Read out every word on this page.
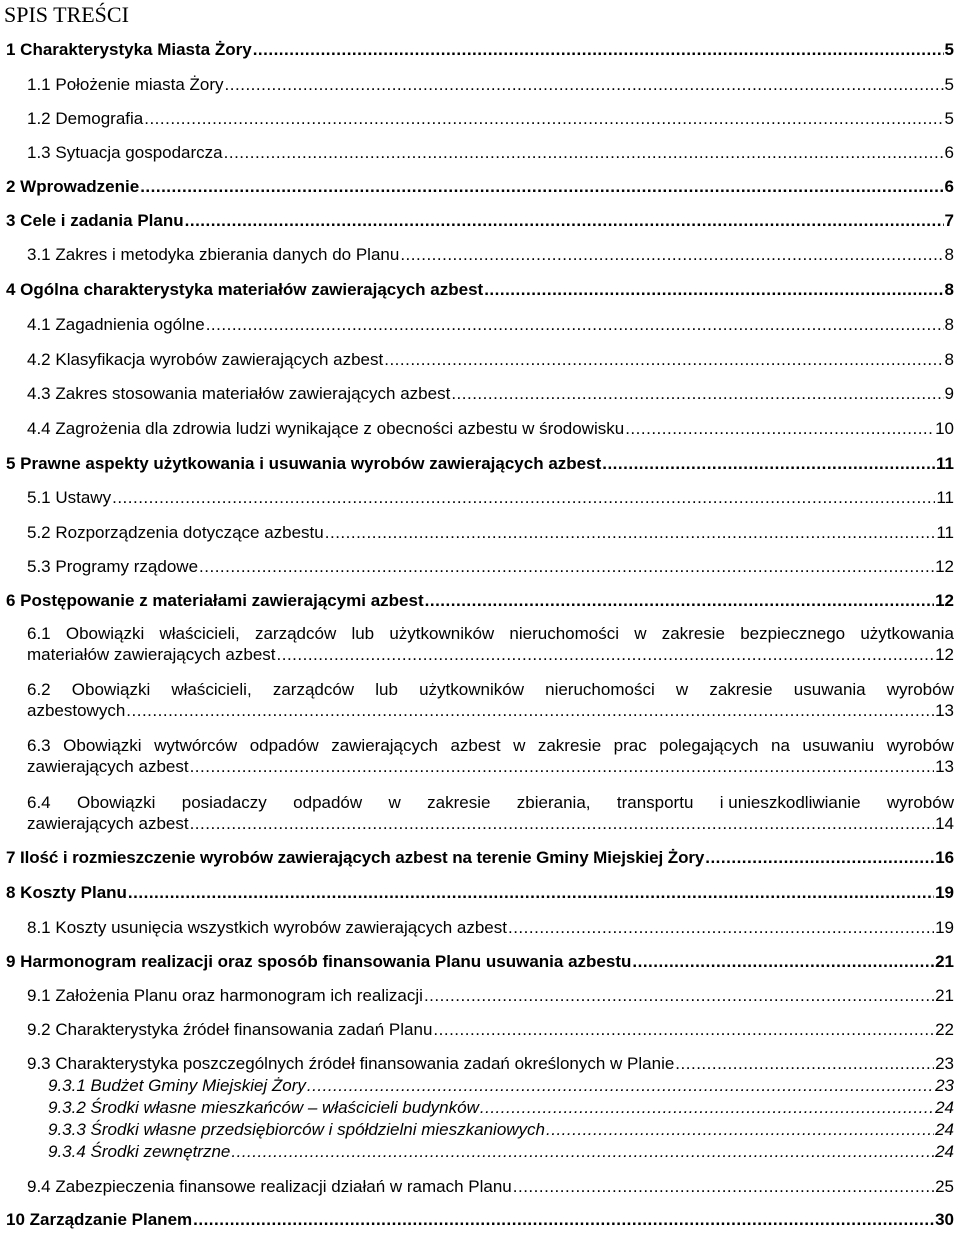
SPIS TREŚCI
1 Charakterystyka Miasta Żory .....	5
1.1 Położenie miasta Żory .....	5
1.2 Demografia .....	5
1.3 Sytuacja gospodarcza .....	6
2 Wprowadzenie .....	6
3 Cele i zadania Planu .....	7
3.1 Zakres i metodyka zbierania danych do Planu .....	8
4 Ogólna charakterystyka materiałów zawierających azbest .....	8
4.1 Zagadnienia ogólne .....	8
4.2 Klasyfikacja wyrobów zawierających azbest .....	8
4.3 Zakres stosowania materiałów zawierających azbest .....	9
4.4 Zagrożenia dla zdrowia ludzi wynikające z obecności azbestu w środowisku .....	10
5 Prawne aspekty użytkowania i usuwania wyrobów zawierających azbest .....	11
5.1 Ustawy .....	11
5.2 Rozporządzenia dotyczące azbestu .....	11
5.3 Programy rządowe .....	12
6 Postępowanie z materiałami zawierającymi azbest .....	12
6.1 Obowiązki właścicieli, zarządców lub użytkowników nieruchomości w zakresie bezpiecznego użytkowania
materiałów zawierających azbest .....	12
6.2 Obowiązki właścicieli, zarządców lub użytkowników nieruchomości w zakresie usuwania wyrobów
azbestowych .....	13
6.3 Obowiązki wytwórców odpadów zawierających azbest w zakresie prac polegających na usuwaniu wyrobów
zawierających azbest .....	13
6.4 Obowiązki posiadaczy odpadów w zakresie zbierania, transportu i unieszkodliwianie wyrobów
zawierających azbest .....	14
7 Ilość i rozmieszczenie wyrobów zawierających azbest na terenie Gminy Miejskiej Żory .....	16
8 Koszty Planu .....	19
8.1 Koszty usunięcia wszystkich wyrobów zawierających azbest .....	19
9 Harmonogram realizacji oraz sposób finansowania Planu usuwania azbestu .....	21
9.1 Założenia Planu oraz harmonogram ich realizacji .....	21
9.2 Charakterystyka źródeł finansowania zadań Planu .....	22
9.3 Charakterystyka poszczególnych źródeł finansowania zadań określonych w Planie .....	23
9.3.1 Budżet Gminy Miejskiej Żory .....	23
9.3.2 Środki własne mieszkańców – właścicieli budynków .....	24
9.3.3 Środki własne przedsiębiorców i spółdzielni mieszkaniowych .....	24
9.3.4 Środki zewnętrzne .....	24
9.4 Zabezpieczenia finansowe realizacji działań w ramach Planu .....	25
10 Zarządzanie Planem .....	30
